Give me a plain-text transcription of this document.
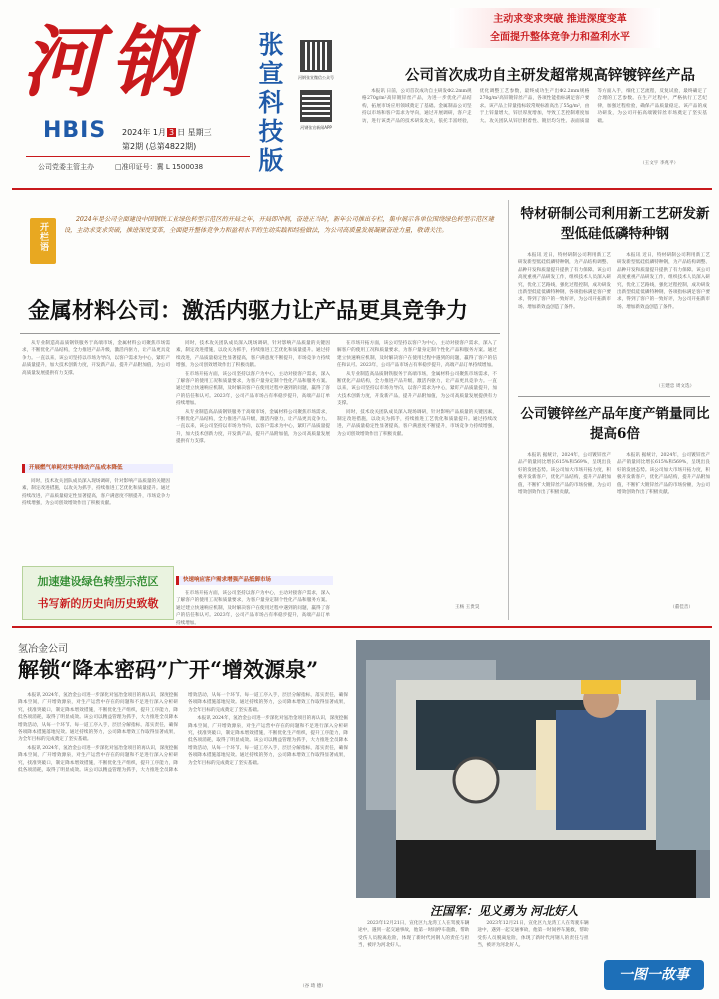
河钢
HBIS 2024年 1月 3 日 星期三
第2期 (总第4822期)
公司党委主管主办	□准印证号：冀 L 1500038
张
宣
科
技
版
河钢张宣微信公众号
河钢张宣新闻APP
主动求变求突破 推进深度变革
全面提升整体竞争力和盈利水平
公司首次成功自主研发超常规高锌镀锌丝产品

本报讯 日前，公司首次成功自主研发Φ2.2mm规格270g/m²高锌镀锌丝产品，为进一步优化产品结构，拓展市场应用领域奠定了基础。金属制品公司坚持以市场和客户需求为导向，通过开展调研，客户走访，进行该类产品的技术研发攻关，依托丰富经验，优化调整工艺参数，最终成功生产出Φ2.2mm规格270g/m²高锌镀锌丝产品，各项性能指标满足客户要求。该产品上锌量指标较常规标准高出了55g/m²，由于上锌量增大，锌层厚度增加，导致工艺控制难度加大。攻关团队从锌层附着性、镀层均匀性、表面质量等方面入手，细化工艺流程，反复试验，最终确定了合理的工艺参数。在生产过程中，严格执行工艺纪律，加强过程检验，确保产品质量稳定。该产品的成功研发，为公司开拓高端镀锌丝市场奠定了坚实基础。

（王文宇 李兆平）
开栏语
2024年是公司全面建设中国钢铁工业绿色转型示范区的开局之年，开局即冲刺，奋进正当时，新年公司推出专栏，集中展示各单位围绕绿色转型示范区建设，主动求变求突破，推进深度变革，全面提升整体竞争力和盈利水平的生动实践和经验做法，为公司高质量发展凝聚奋进力量，敬请关注。
金属材料公司：激活内驱力让产品更具竞争力

从专业制造高品质钢铁服务于高端市场，金属材料公司聚焦市场需求，不断优化产品结构，全力推进产品升级，激活内驱力，让产品更具竞争力。一直以来，该公司坚持以市场为导向，以客户需求为中心，紧盯产品质量提升，加大技术创新力度，开发新产品，提升产品附加值，为公司高质量发展提供有力支撑。

开展燃气单耗对实导推动产品成本降低

同时，技术攻关团队成员深入现场调研，针对影响产品质量的关键因素，制定改进措施，以攻关为抓手，持续推进工艺优化和质量提升。通过持续改进，产品质量稳定性显著提高，客户满意度不断提升，市场竞争力持续增强，为公司创效增效作出了积极贡献。

同时，技术攻关团队成员深入现场调研，针对影响产品质量的关键因素，制定改进措施，以攻关为抓手，持续推进工艺优化和质量提升。通过持续改进，产品质量稳定性显著提高，客户满意度不断提升，市场竞争力持续增强，为公司创效增效作出了积极贡献。

在市场开拓方面，该公司坚持以客户为中心，主动对接客户需求，深入了解客户的使用工况和质量要求，为客户量身定制个性化产品和服务方案。通过建立快速响应机制，及时解决客户在使用过程中遇到的问题，赢得了客户的信任和认可。2023年，公司产品市场占有率稳步提升，高端产品订单持续增加。

从专业制造高品质钢铁服务于高端市场，金属材料公司聚焦市场需求，不断优化产品结构，全力推进产品升级，激活内驱力，让产品更具竞争力。一直以来，该公司坚持以市场为导向，以客户需求为中心，紧盯产品质量提升，加大技术创新力度，开发新产品，提升产品附加值，为公司高质量发展提供有力支撑。

快速响应客户需求增强产品抵御市场

在市场开拓方面，该公司坚持以客户为中心，主动对接客户需求，深入了解客户的使用工况和质量要求，为客户量身定制个性化产品和服务方案。通过建立快速响应机制，及时解决客户在使用过程中遇到的问题，赢得了客户的信任和认可。2023年，公司产品市场占有率稳步提升，高端产品订单持续增加。

从专业制造高品质钢铁服务于高端市场，金属材料公司聚焦市场需求，不断优化产品结构，全力推进产品升级，激活内驱力，让产品更具竞争力。一直以来，该公司坚持以市场为导向，以客户需求为中心，紧盯产品质量提升，加大技术创新力度，开发新产品，提升产品附加值，为公司高质量发展提供有力支撑。

同时，技术攻关团队成员深入现场调研，针对影响产品质量的关键因素，制定改进措施，以攻关为抓手，持续推进工艺优化和质量提升。通过持续改进，产品质量稳定性显著提高，客户满意度不断提升，市场竞争力持续增强，为公司创效增效作出了积极贡献。

王杨 王贵昊
加速建设绿色转型示范区
书写新的历史向历史致敬

在市场开拓方面，该公司坚持以客户为中心，主动对接客户需求，深入了解客户的使用工况和质量要求，为客户量身定制个性化产品和服务方案。通过建立快速响应机制，及时解决客户在使用过程中遇到的问题，赢得了客户的信任和认可。2023年，公司产品市场占有率稳步提升，高端产品订单持续增加。

特材研制公司利用新工艺研发新型低硅低磷特种钢

本报讯 近日，特材研制公司利用新工艺研发新型低硅低磷特种钢，为产品结构调整、品种开发和质量提升提供了有力保障。该公司高度重视产品研发工作，组织技术人员深入研究，优化工艺路线，强化过程控制，成功研发出新型低硅低磷特种钢，各项指标满足客户要求，得到了客户的一致好评，为公司开拓新市场、增加新效益创造了条件。

本报讯 近日，特材研制公司利用新工艺研发新型低硅低磷特种钢，为产品结构调整、品种开发和质量提升提供了有力保障。该公司高度重视产品研发工作，组织技术人员深入研究，优化工艺路线，强化过程控制，成功研发出新型低硅低磷特种钢，各项指标满足客户要求，得到了客户的一致好评，为公司开拓新市场、增加新效益创造了条件。

（王建忠 周文选）
公司镀锌丝产品年度产销量同比提高6倍

本报讯 据统计，2024年，公司镀锌丝产品产销量同比增长615%和569%，呈现出良好的发展态势。该公司加大市场开拓力度，积极开发新客户，优化产品结构，提升产品附加值，不断扩大镀锌丝产品的市场份额，为公司增效创效作出了积极贡献。

本报讯 据统计，2024年，公司镀锌丝产品产销量同比增长615%和569%，呈现出良好的发展态势。该公司加大市场开拓力度，积极开发新客户，优化产品结构，提升产品附加值，不断扩大镀锌丝产品的市场份额，为公司增效创效作出了积极贡献。

（董佳音）
氢冶金公司
解锁“降本密码” 广开“增效源泉”

本报讯 2024年，氢冶金公司进一步深化对氢冶金项目的再认识，深度挖掘降本空间，广开增效源泉，对生产运营中存在的问题和不足进行深入分析研究，找准突破口，制定降本增效措施，不断优化生产组织，提升工序能力，降低各项消耗，取得了明显成效。该公司以精益管理为抓手，大力推进全员降本增效活动，从每一个环节、每一道工序入手，层层分解指标，落实责任，确保各项降本措施落地见效。通过持续的努力，公司降本增效工作取得显著成果，为全年目标的完成奠定了坚实基础。

本报讯 2024年，氢冶金公司进一步深化对氢冶金项目的再认识，深度挖掘降本空间，广开增效源泉，对生产运营中存在的问题和不足进行深入分析研究，找准突破口，制定降本增效措施，不断优化生产组织，提升工序能力，降低各项消耗，取得了明显成效。该公司以精益管理为抓手，大力推进全员降本增效活动，从每一个环节、每一道工序入手，层层分解指标，落实责任，确保各项降本措施落地见效。通过持续的努力，公司降本增效工作取得显著成果，为全年目标的完成奠定了坚实基础。

本报讯 2024年，氢冶金公司进一步深化对氢冶金项目的再认识，深度挖掘降本空间，广开增效源泉，对生产运营中存在的问题和不足进行深入分析研究，找准突破口，制定降本增效措施，不断优化生产组织，提升工序能力，降低各项消耗，取得了明显成效。该公司以精益管理为抓手，大力推进全员降本增效活动，从每一个环节、每一道工序入手，层层分解指标，落实责任，确保各项降本措施落地见效。通过持续的努力，公司降本增效工作取得显著成果，为全年目标的完成奠定了坚实基础。

（谷 琦 德）
汪国军：见义勇为 河北好人

2023年12月21日，宣化区九龙湾工人在驾驶车辆途中，遇到一起交通事故，他第一时间停车施救，帮助受伤人员脱离危险，体现了新时代河钢人的责任与担当，被评为河北好人。

2023年12月21日，宣化区九龙湾工人在驾驶车辆途中，遇到一起交通事故，他第一时间停车施救，帮助受伤人员脱离危险，体现了新时代河钢人的责任与担当，被评为河北好人。

一图一故事
